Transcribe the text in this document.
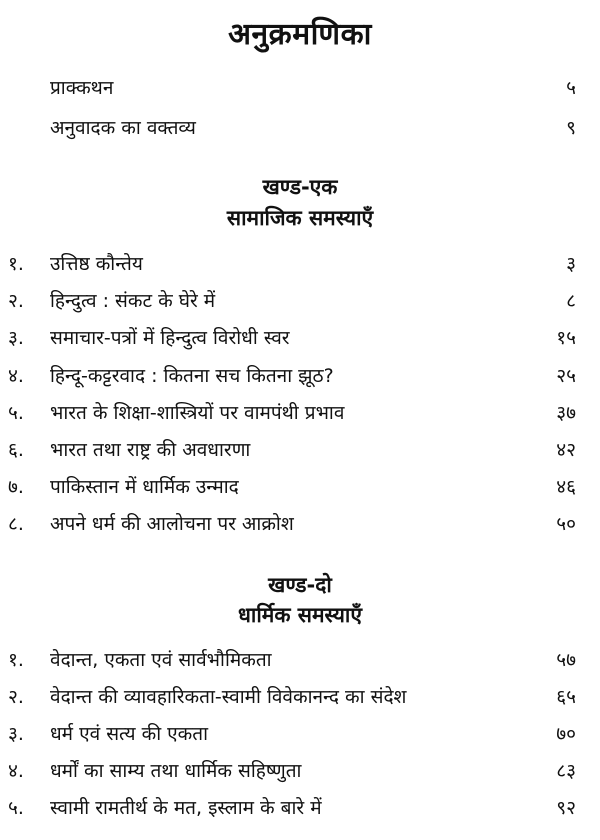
अनुक्रमणिका
प्राक्कथन	५
अनुवादक का वक्तव्य	९
खण्ड-एक
सामाजिक समस्याएँ
१. उत्तिष्ठ कौन्तेय	३
२. हिन्दुत्व : संकट के घेरे में	८
३. समाचार-पत्रों में हिन्दुत्व विरोधी स्वर	१५
४. हिन्दू-कट्टरवाद : कितना सच कितना झूठ?	२५
५. भारत के शिक्षा-शास्त्रियों पर वामपंथी प्रभाव	३७
६. भारत तथा राष्ट्र की अवधारणा	४२
७. पाकिस्तान में धार्मिक उन्माद	४६
८. अपने धर्म की आलोचना पर आक्रोश	५०
खण्ड-दो
धार्मिक समस्याएँ
१. वेदान्त, एकता एवं सार्वभौमिकता	५७
२. वेदान्त की व्यावहारिकता-स्वामी विवेकानन्द का संदेश	६५
३. धर्म एवं सत्य की एकता	७०
४. धर्मों का साम्य तथा धार्मिक सहिष्णुता	८३
५. स्वामी रामतीर्थ के मत, इस्लाम के बारे में	९२
